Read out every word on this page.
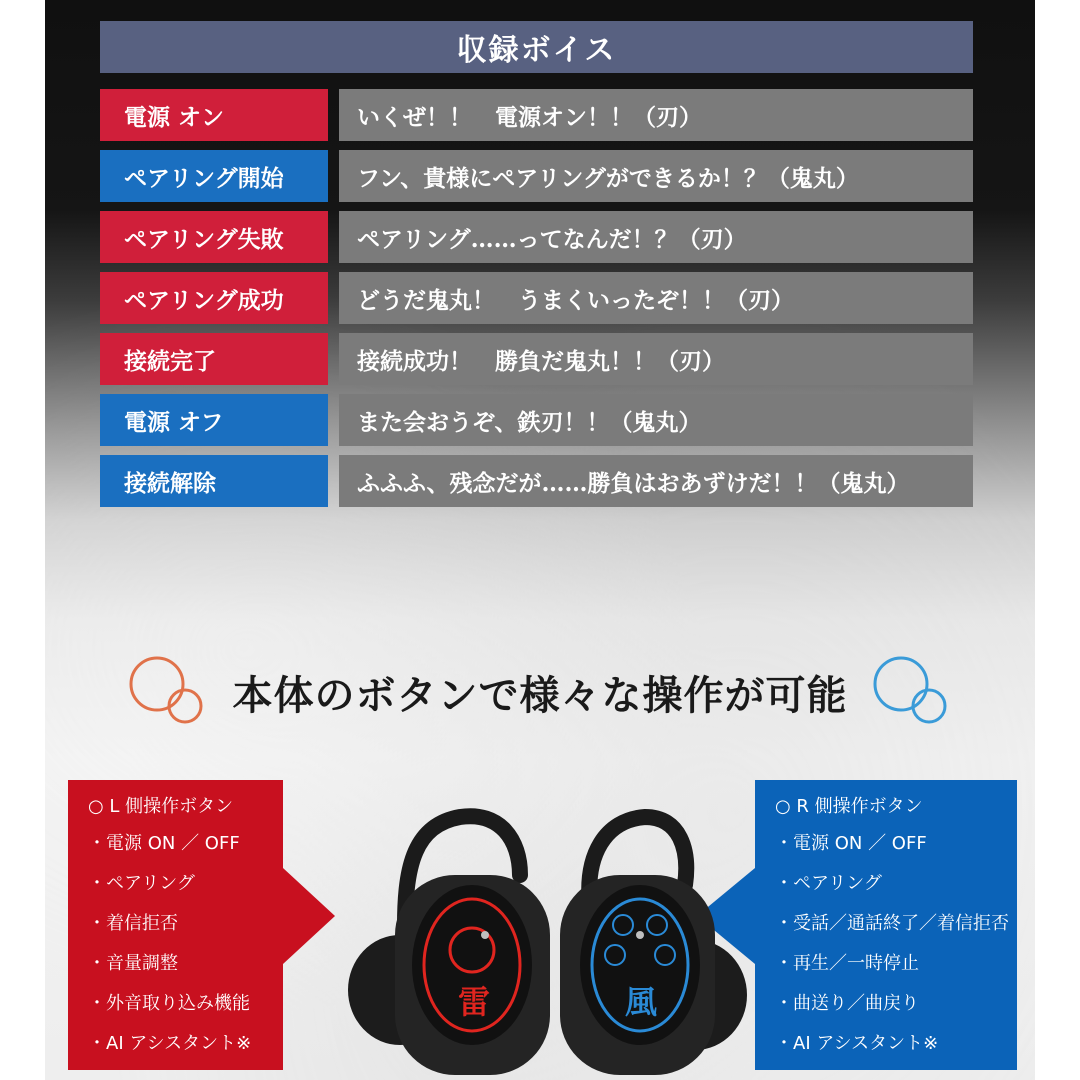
収録ボイス
電源 オン	いくぜ！！　電源オン！！（刃）
ペアリング開始	フン、貴様にペアリングができるか！？（鬼丸）
ペアリング失敗	ペアリング……ってなんだ！？（刃）
ペアリング成功	どうだ鬼丸！　うまくいったぞ！！（刃）
接続完了	接続成功！　勝負だ鬼丸！！（刃）
電源 オフ	また会おうぞ、鉄刃！！（鬼丸）
接続解除	ふふふ、残念だが……勝負はおあずけだ！！（鬼丸）
本体のボタンで様々な操作が可能
○ L 側操作ボタン
・電源 ON ／ OFF
・ペアリング
・着信拒否
・音量調整
・外音取り込み機能
・AI アシスタント※
○ R 側操作ボタン
・電源 ON ／ OFF
・ペアリング
・受話／通話終了／着信拒否
・再生／一時停止
・曲送り／曲戻り
・AI アシスタント※
雷	風
